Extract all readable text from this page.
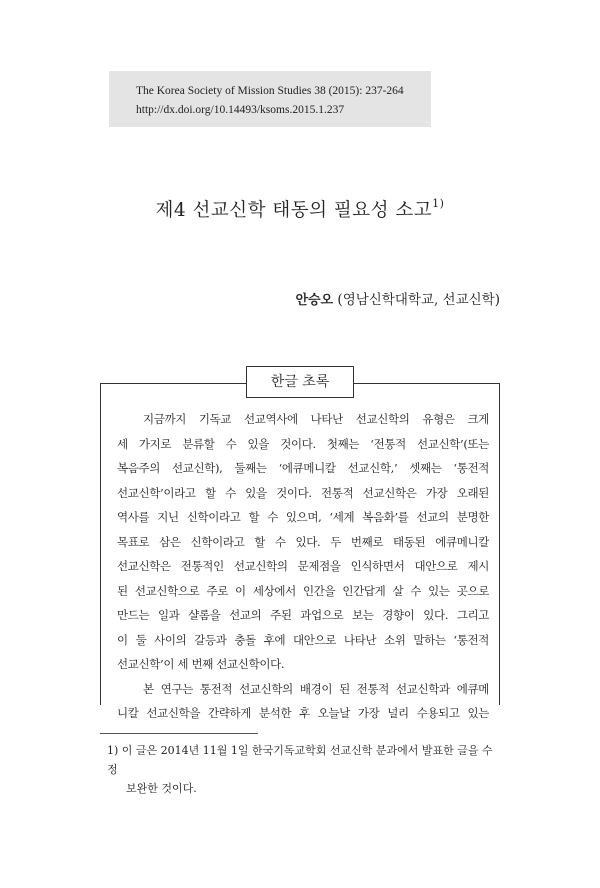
The Korea Society of Mission Studies 38 (2015): 237-264
http://dx.doi.org/10.14493/ksoms.2015.1.237
제4 선교신학 태동의 필요성 소고$^{1)}$
안승오 (영남신학대학교, 선교신학)
한글 초록

지금까지 기독교 선교역사에 나타난 선교신학의 유형은 크게
세 가지로 분류할 수 있을 것이다. 첫째는 ‘전통적 선교신학’(또는
복음주의 선교신학), 둘째는 ‘에큐메니칼 선교신학,’ 셋째는 ‘통전적
선교신학’이라고 할 수 있을 것이다. 전통적 선교신학은 가장 오래된
역사를 지닌 신학이라고 할 수 있으며, ‘세계 복음화’를 선교의 분명한
목표로 삼은 신학이라고 할 수 있다. 두 번째로 태동된 에큐메니칼
선교신학은 전통적인 선교신학의 문제점을 인식하면서 대안으로 제시
된 선교신학으로 주로 이 세상에서 인간을 인간답게 살 수 있는 곳으로
만드는 일과 샬롬을 선교의 주된 과업으로 보는 경향이 있다. 그리고
이 둘 사이의 갈등과 충돌 후에 대안으로 나타난 소위 말하는 ‘통전적
선교신학’이 세 번째 선교신학이다.

본 연구는 통전적 선교신학의 배경이 된 전통적 선교신학과 에큐메
니칼 선교신학을 간략하게 분석한 후 오늘날 가장 널리 수용되고 있는

1) 이 글은 2014년 11월 1일 한국기독교학회 선교신학 분과에서 발표한 글을 수정
보완한 것이다.
